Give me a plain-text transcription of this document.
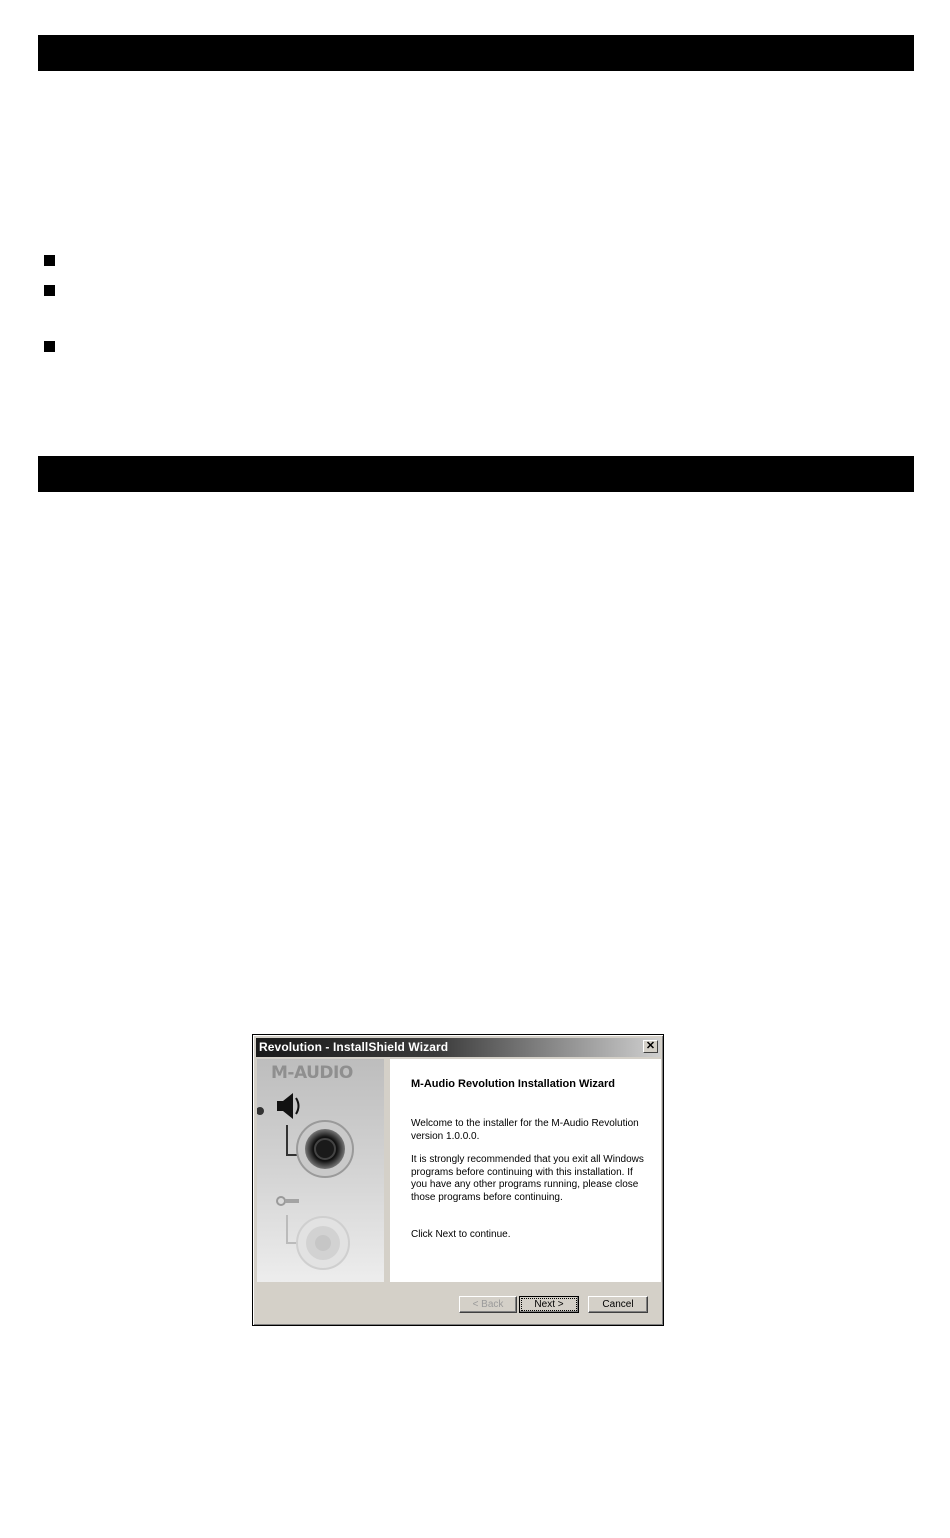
Revolution - InstallShield Wizard	✕
M-AUDIO
M-Audio Revolution Installation Wizard

Welcome to the installer for the M-Audio Revolution version 1.0.0.0.

It is strongly recommended that you exit all Windows programs before continuing with this installation. If you have any other programs running, please close those programs before continuing.

Click Next to continue.

< Back	Next >	Cancel
